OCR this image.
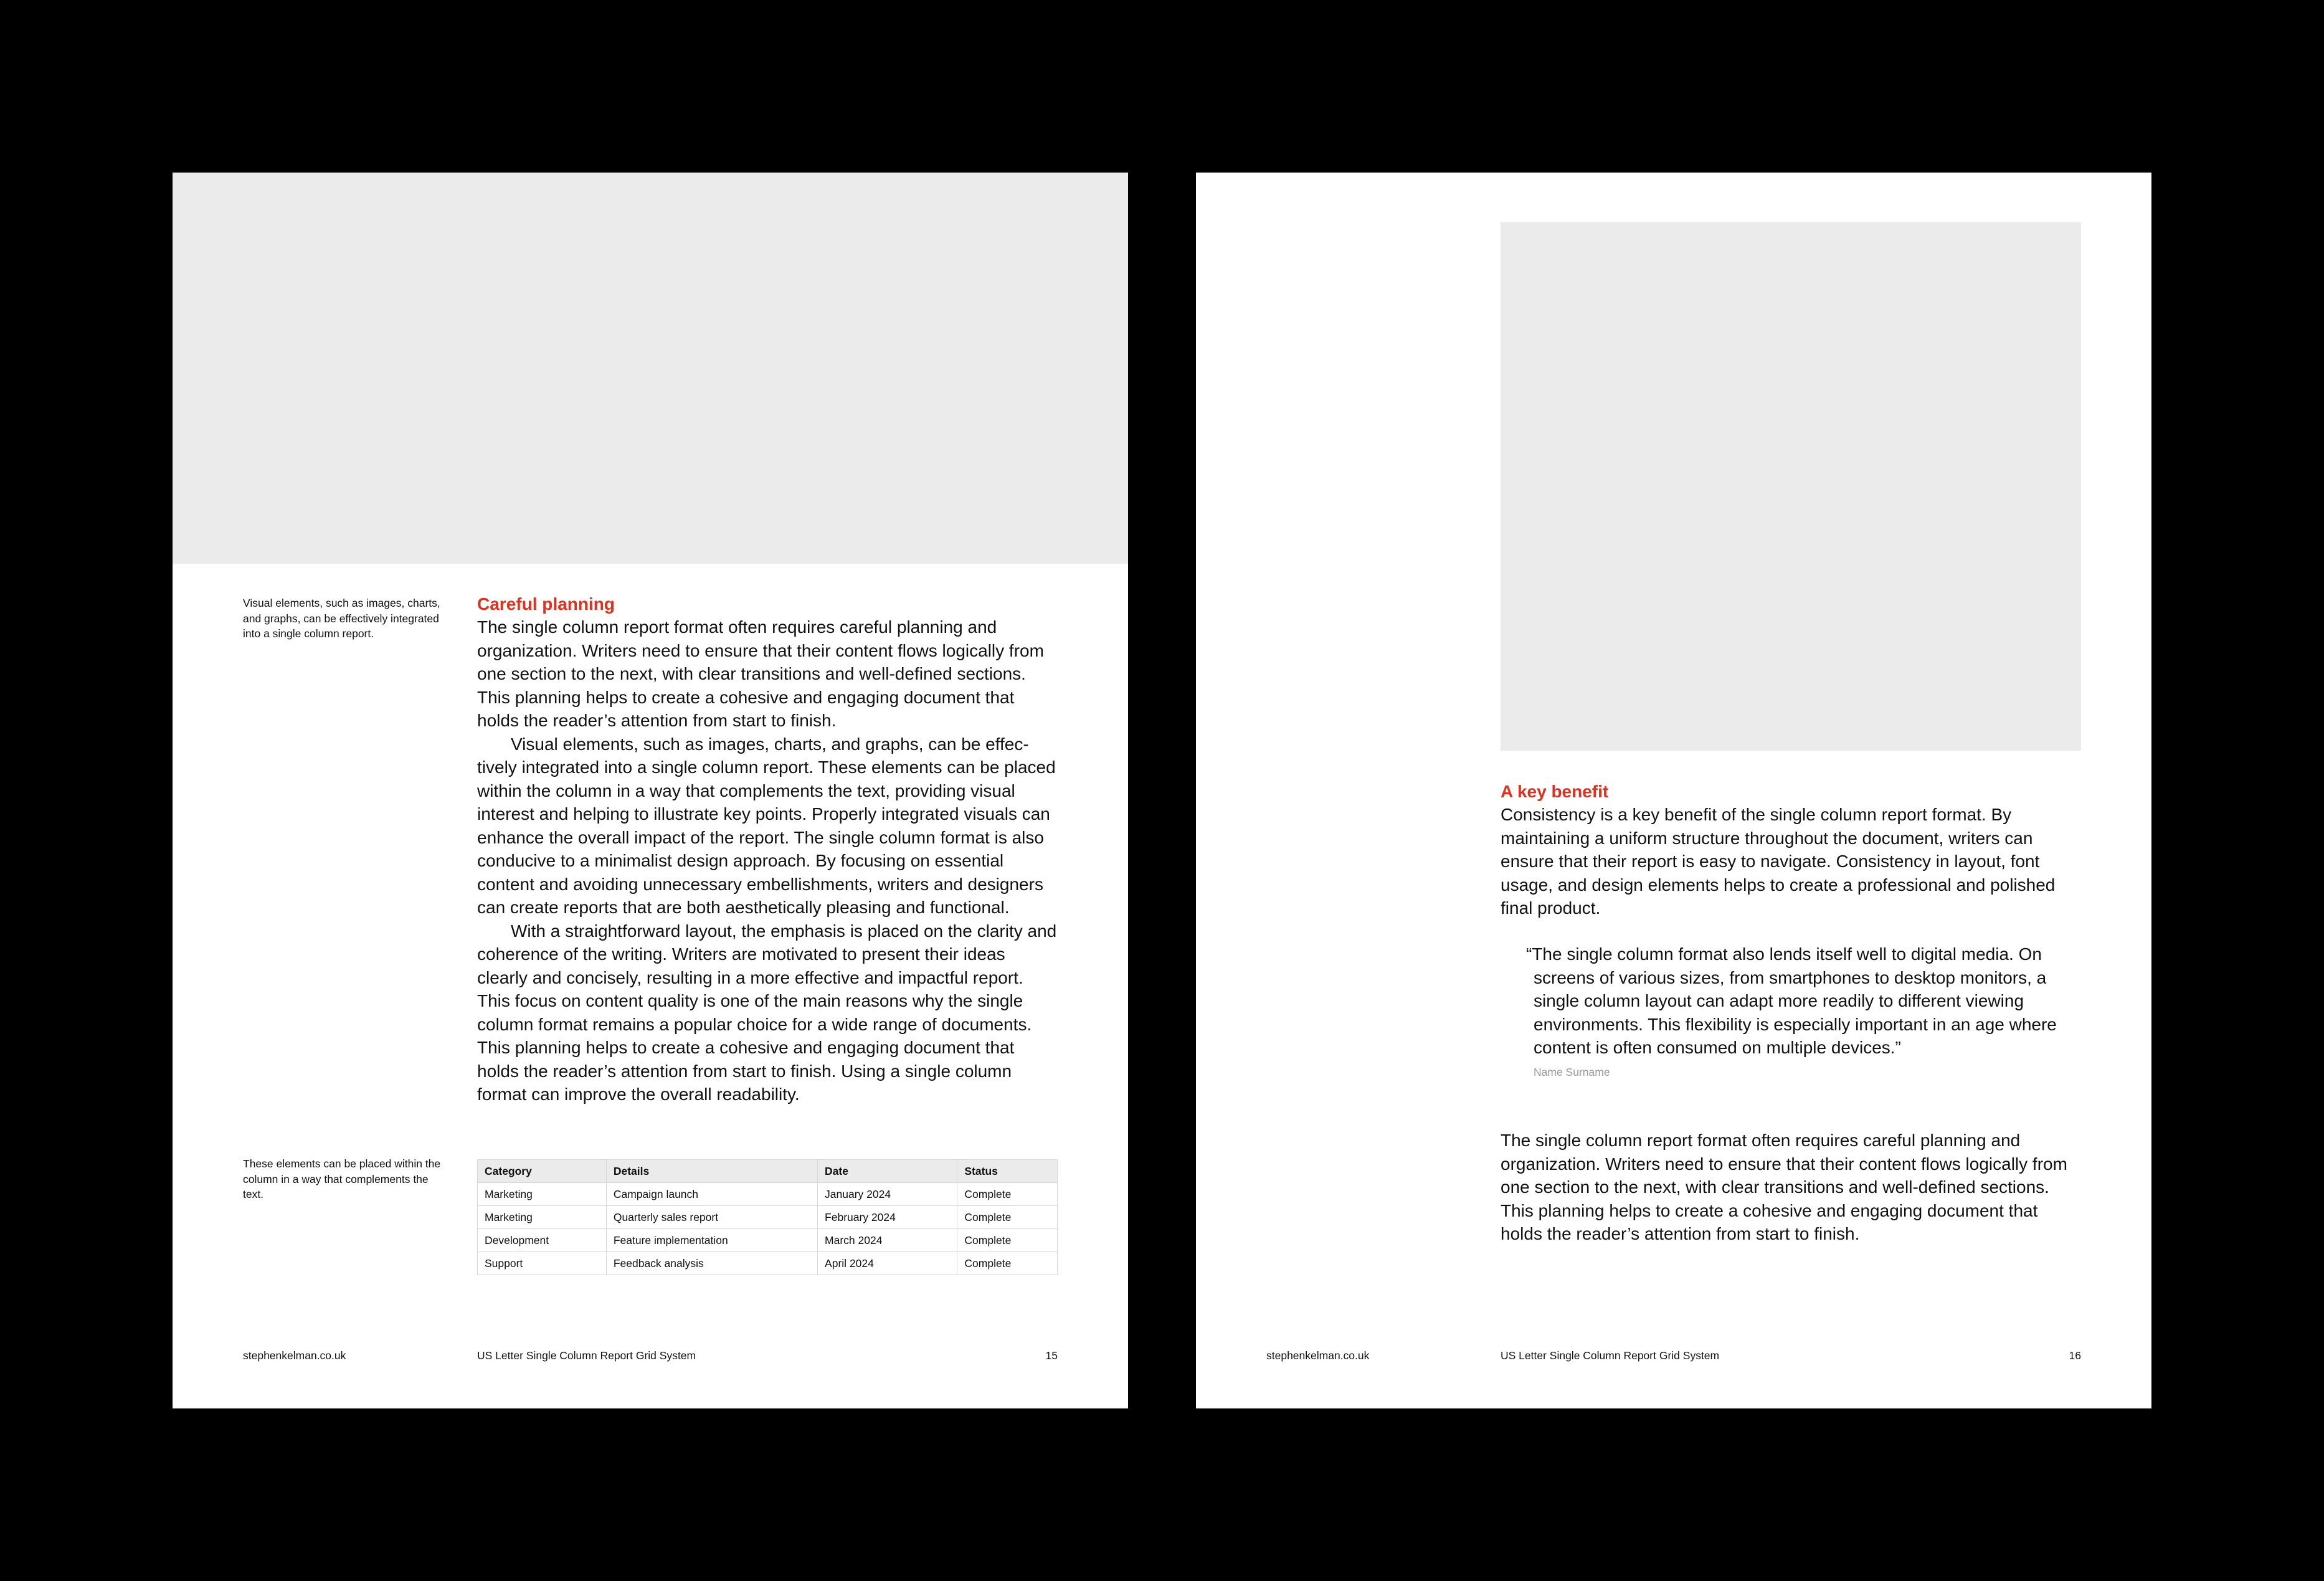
Visual elements, such as images, charts, and graphs, can be effectively integrated into a single column report.
Careful planning

The single column report format often requires careful planning and organization. Writers need to ensure that their content flows logically from one section to the next, with clear transitions and well-defined sections. This planning helps to create a cohesive and engaging document that holds the reader’s attention from start to finish.

Visual elements, such as images, charts, and graphs, can be effectively integrated into a single column report. These elements can be placed within the column in a way that complements the text, providing visual interest and helping to illustrate key points. Properly integrated visuals can enhance the overall impact of the report. The single column format is also conducive to a minimalist design approach. By focusing on essential content and avoiding unnecessary embellishments, writers and designers can create reports that are both aesthetically pleasing and functional.

With a straightforward layout, the emphasis is placed on the clarity and coherence of the writing. Writers are motivated to present their ideas clearly and concisely, resulting in a more effective and impactful report. This focus on content quality is one of the main reasons why the single column format remains a popular choice for a wide range of documents. This planning helps to create a cohesive and engaging document that holds the reader’s attention from start to finish. Using a single column format can improve the overall readability.

These elements can be placed within the column in a way that complements the text.
Category	Details	Date	Status
Marketing	Campaign launch	January 2024	Complete
Marketing	Quarterly sales report	February 2024	Complete
Development	Feature implementation	March 2024	Complete
Support	Feedback analysis	April 2024	Complete
stephenkelman.co.uk	US Letter Single Column Report Grid System	15
A key benefit

Consistency is a key benefit of the single column report format. By maintaining a uniform structure throughout the document, writers can ensure that their report is easy to navigate. Consistency in layout, font usage, and design elements helps to create a professional and polished final product.

“The single column format also lends itself well to digital media. On screens of various sizes, from smartphones to desktop monitors, a single column layout can adapt more readily to different viewing environments. This flexibility is especially important in an age where content is often consumed on multiple devices.”

Name Surname

The single column report format often requires careful planning and organization. Writers need to ensure that their content flows logically from one section to the next, with clear transitions and well-defined sections. This planning helps to create a cohesive and engaging document that holds the reader’s attention from start to finish.

stephenkelman.co.uk	US Letter Single Column Report Grid System	16
